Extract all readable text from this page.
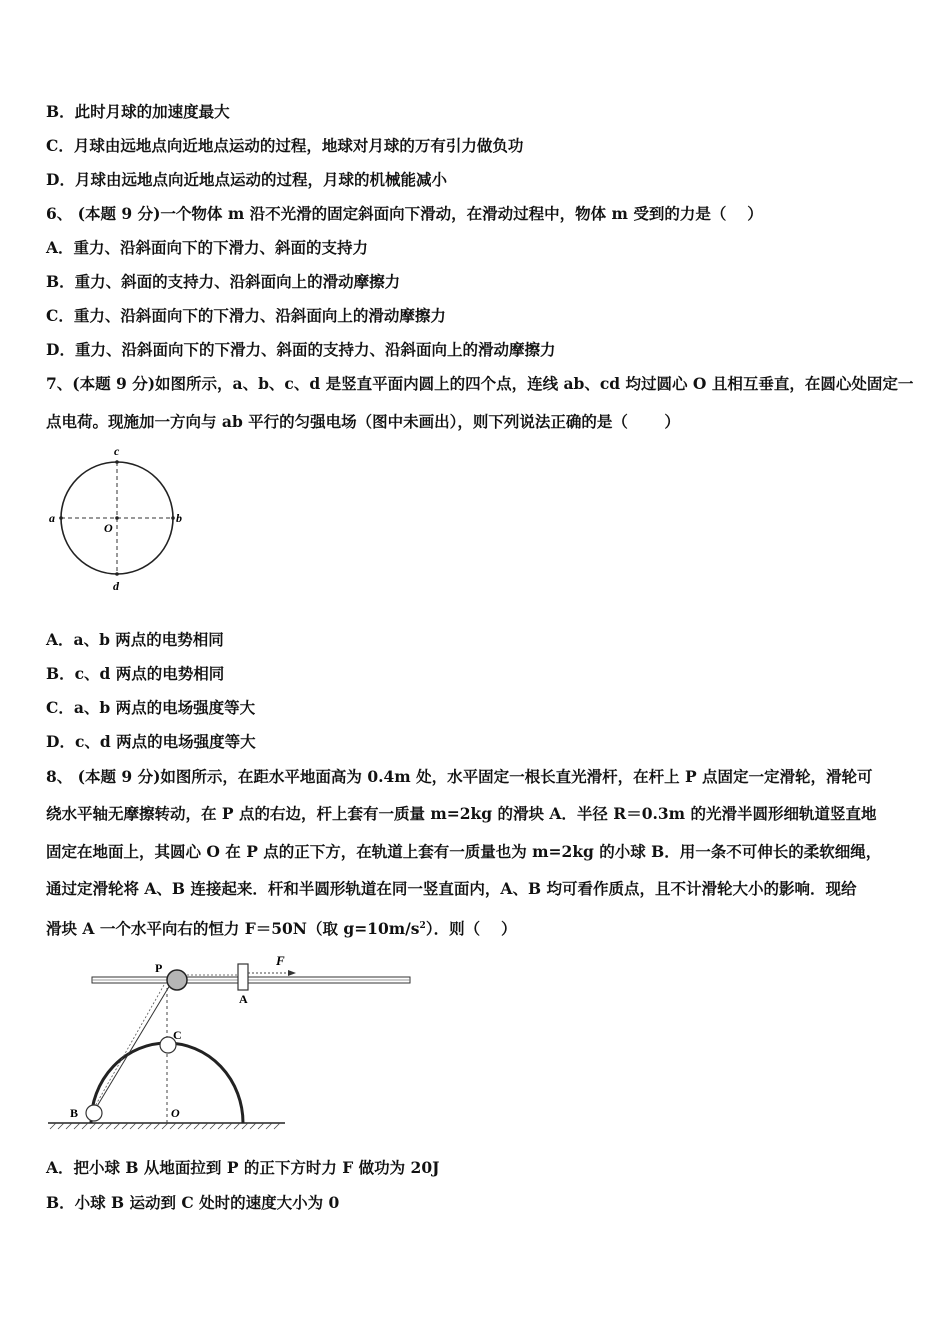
B．此时月球的加速度最大
C．月球由远地点向近地点运动的过程，地球对月球的万有引力做负功
D．月球由远地点向近地点运动的过程，月球的机械能减小
6、 (本题 9 分)一个物体 m 沿不光滑的固定斜面向下滑动，在滑动过程中，物体 m 受到的力是（　 ）
A．重力、沿斜面向下的下滑力、斜面的支持力
B．重力、斜面的支持力、沿斜面向上的滑动摩擦力
C．重力、沿斜面向下的下滑力、沿斜面向上的滑动摩擦力
D．重力、沿斜面向下的下滑力、斜面的支持力、沿斜面向上的滑动摩擦力
7、(本题 9 分)如图所示，a、b、c、d 是竖直平面内圆上的四个点，连线 ab、cd 均过圆心 O 且相互垂直，在圆心处固定一
点电荷。现施加一方向与 ab 平行的匀强电场（图中未画出），则下列说法正确的是（　　 ）
a	b
c
d
O
A．a、b 两点的电势相同
B．c、d 两点的电势相同
C．a、b 两点的电场强度等大
D．c、d 两点的电场强度等大
8、 (本题 9 分)如图所示，在距水平地面高为 0.4m 处，水平固定一根长直光滑杆，在杆上 P 点固定一定滑轮，滑轮可
绕水平轴无摩擦转动，在 P 点的右边，杆上套有一质量 m=2kg 的滑块 A．半径 R＝0.3m 的光滑半圆形细轨道竖直地
固定在地面上，其圆心 O 在 P 点的正下方，在轨道上套有一质量也为 m=2kg 的小球 B．用一条不可伸长的柔软细绳，
通过定滑轮将 A、B 连接起来．杆和半圆形轨道在同一竖直面内，A、B 均可看作质点，且不计滑轮大小的影响．现给
滑块 A 一个水平向右的恒力 F＝50N（取 $g=10m/s^2$）．则（　 ）
P
A
F
C
B	O
A．把小球 B 从地面拉到 P 的正下方时力 F 做功为 20J
B．小球 B 运动到 C 处时的速度大小为 0
